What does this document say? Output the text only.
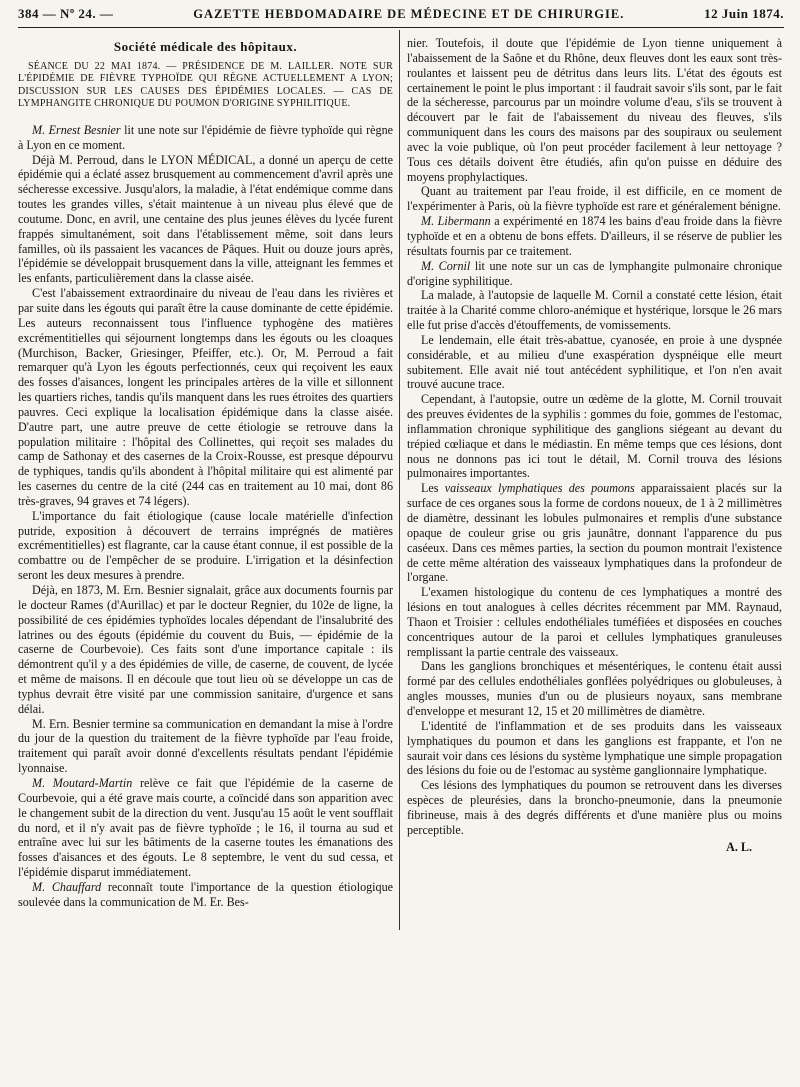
384 — Nº 24. —	GAZETTE HEBDOMADAIRE DE MÉDECINE ET DE CHIRURGIE.	12 Juin 1874.
Société médicale des hôpitaux.
SÉANCE DU 22 MAI 1874. — PRÉSIDENCE DE M. LAILLER. NOTE SUR L'ÉPIDÉMIE DE FIÈVRE TYPHOÏDE QUI RÈGNE ACTUELLEMENT A LYON; DISCUSSION SUR LES CAUSES DES ÉPIDÉMIES LOCALES. — CAS DE LYMPHANGITE CHRONIQUE DU POUMON D'ORIGINE SYPHILITIQUE.

M. Ernest Besnier lit une note sur l'épidémie de fièvre typhoïde qui règne à Lyon en ce moment.

Déjà M. Perroud, dans le LYON MÉDICAL, a donné un aperçu de cette épidémie qui a éclaté assez brusquement au commencement d'avril après une sécheresse excessive. Jusqu'alors, la maladie, à l'état endémique comme dans toutes les grandes villes, s'était maintenue à un niveau plus élevé que de coutume. Donc, en avril, une centaine des plus jeunes élèves du lycée furent frappés simultanément, soit dans l'établissement même, soit dans leurs familles, où ils passaient les vacances de Pâques. Huit ou douze jours après, l'épidémie se développait brusquement dans la ville, atteignant les femmes et les enfants, particulièrement dans la classe aisée.

C'est l'abaissement extraordinaire du niveau de l'eau dans les rivières et par suite dans les égouts qui paraît être la cause dominante de cette épidémie. Les auteurs reconnaissent tous l'influence typhogène des matières excrémentitielles qui séjournent longtemps dans les égouts ou les cloaques (Murchison, Backer, Griesinger, Pfeiffer, etc.). Or, M. Perroud a fait remarquer qu'à Lyon les égouts perfectionnés, ceux qui reçoivent les eaux des fosses d'aisances, longent les principales artères de la ville et sillonnent les quartiers riches, tandis qu'ils manquent dans les rues étroites des quartiers pauvres. Ceci explique la localisation épidémique dans la classe aisée. D'autre part, une autre preuve de cette étiologie se retrouve dans la population militaire : l'hôpital des Collinettes, qui reçoit ses malades du camp de Sathonay et des casernes de la Croix-Rousse, est presque dépourvu de typhiques, tandis qu'ils abondent à l'hôpital militaire qui est alimenté par les casernes du centre de la cité (244 cas en traitement au 10 mai, dont 86 très-graves, 94 graves et 74 légers).

L'importance du fait étiologique (cause locale matérielle d'infection putride, exposition à découvert de terrains imprégnés de matières excrémentitielles) est flagrante, car la cause étant connue, il est possible de la combattre ou de l'empêcher de se produire. L'irrigation et la désinfection seront les deux mesures à prendre.

Déjà, en 1873, M. Ern. Besnier signalait, grâce aux documents fournis par le docteur Rames (d'Aurillac) et par le docteur Regnier, du 102e de ligne, la possibilité de ces épidémies typhoïdes locales dépendant de l'insalubrité des latrines ou des égouts (épidémie du couvent du Buis, — épidémie de la caserne de Courbevoie). Ces faits sont d'une importance capitale : ils démontrent qu'il y a des épidémies de ville, de caserne, de couvent, de lycée et même de maisons. Il en découle que tout lieu où se développe un cas de typhus devrait être visité par une commission sanitaire, d'urgence et sans délai.

M. Ern. Besnier termine sa communication en demandant la mise à l'ordre du jour de la question du traitement de la fièvre typhoïde par l'eau froide, traitement qui paraît avoir donné d'excellents résultats pendant l'épidémie lyonnaise.

M. Moutard-Martin relève ce fait que l'épidémie de la caserne de Courbevoie, qui a été grave mais courte, a coïncidé dans son apparition avec le changement subit de la direction du vent. Jusqu'au 15 août le vent soufflait du nord, et il n'y avait pas de fièvre typhoïde ; le 16, il tourna au sud et entraîne avec lui sur les bâtiments de la caserne toutes les émanations des fosses d'aisances et des égouts. Le 8 septembre, le vent du sud cessa, et l'épidémie disparut immédiatement.

M. Chauffard reconnaît toute l'importance de la question étiologique soulevée dans la communication de M. Er. Bes-

nier. Toutefois, il doute que l'épidémie de Lyon tienne uniquement à l'abaissement de la Saône et du Rhône, deux fleuves dont les eaux sont très-roulantes et laissent peu de détritus dans leurs lits. L'état des égouts est certainement le point le plus important : il faudrait savoir s'ils sont, par le fait de la sécheresse, parcourus par un moindre volume d'eau, s'ils se trouvent à découvert par le fait de l'abaissement du niveau des fleuves, s'ils communiquent dans les cours des maisons par des soupiraux ou seulement avec la voie publique, où l'on peut procéder facilement à leur nettoyage ? Tous ces détails doivent être étudiés, afin qu'on puisse en déduire des moyens prophylactiques.

Quant au traitement par l'eau froide, il est difficile, en ce moment de l'expérimenter à Paris, où la fièvre typhoïde est rare et généralement bénigne.

M. Libermann a expérimenté en 1874 les bains d'eau froide dans la fièvre typhoïde et en a obtenu de bons effets. D'ailleurs, il se réserve de publier les résultats fournis par ce traitement.

M. Cornil lit une note sur un cas de lymphangite pulmonaire chronique d'origine syphilitique.

La malade, à l'autopsie de laquelle M. Cornil a constaté cette lésion, était traitée à la Charité comme chloro-anémique et hystérique, lorsque le 26 mars elle fut prise d'accès d'étouffements, de vomissements.

Le lendemain, elle était très-abattue, cyanosée, en proie à une dyspnée considérable, et au milieu d'une exaspération dyspnéique elle meurt subitement. Elle avait nié tout antécédent syphilitique, et l'on n'en avait trouvé aucune trace.

Cependant, à l'autopsie, outre un œdème de la glotte, M. Cornil trouvait des preuves évidentes de la syphilis : gommes du foie, gommes de l'estomac, inflammation chronique syphilitique des ganglions siégeant au devant du trépied cœliaque et dans le médiastin. En même temps que ces lésions, dont nous ne donnons pas ici tout le détail, M. Cornil trouva des lésions pulmonaires importantes.

Les vaisseaux lymphatiques des poumons apparaissaient placés sur la surface de ces organes sous la forme de cordons noueux, de 1 à 2 millimètres de diamètre, dessinant les lobules pulmonaires et remplis d'une substance opaque de couleur grise ou gris jaunâtre, donnant l'apparence du pus caséeux. Dans ces mêmes parties, la section du poumon montrait l'existence de cette même altération des vaisseaux lymphatiques dans la profondeur de l'organe.

L'examen histologique du contenu de ces lymphatiques a montré des lésions en tout analogues à celles décrites récemment par MM. Raynaud, Thaon et Troisier : cellules endothéliales tuméfiées et disposées en couches concentriques autour de la paroi et cellules lymphatiques granuleuses remplissant la partie centrale des vaisseaux.

Dans les ganglions bronchiques et mésentériques, le contenu était aussi formé par des cellules endothéliales gonflées polyédriques ou globuleuses, à angles mousses, munies d'un ou de plusieurs noyaux, sans membrane d'enveloppe et mesurant 12, 15 et 20 millimètres de diamètre.

L'identité de l'inflammation et de ses produits dans les vaisseaux lymphatiques du poumon et dans les ganglions est frappante, et l'on ne saurait voir dans ces lésions du système lymphatique une simple propagation des lésions du foie ou de l'estomac au système ganglionnaire lymphatique.

Ces lésions des lymphatiques du poumon se retrouvent dans les diverses espèces de pleurésies, dans la broncho-pneumonie, dans la pneumonie fibrineuse, mais à des degrés différents et d'une manière plus ou moins perceptible.

A. L.
